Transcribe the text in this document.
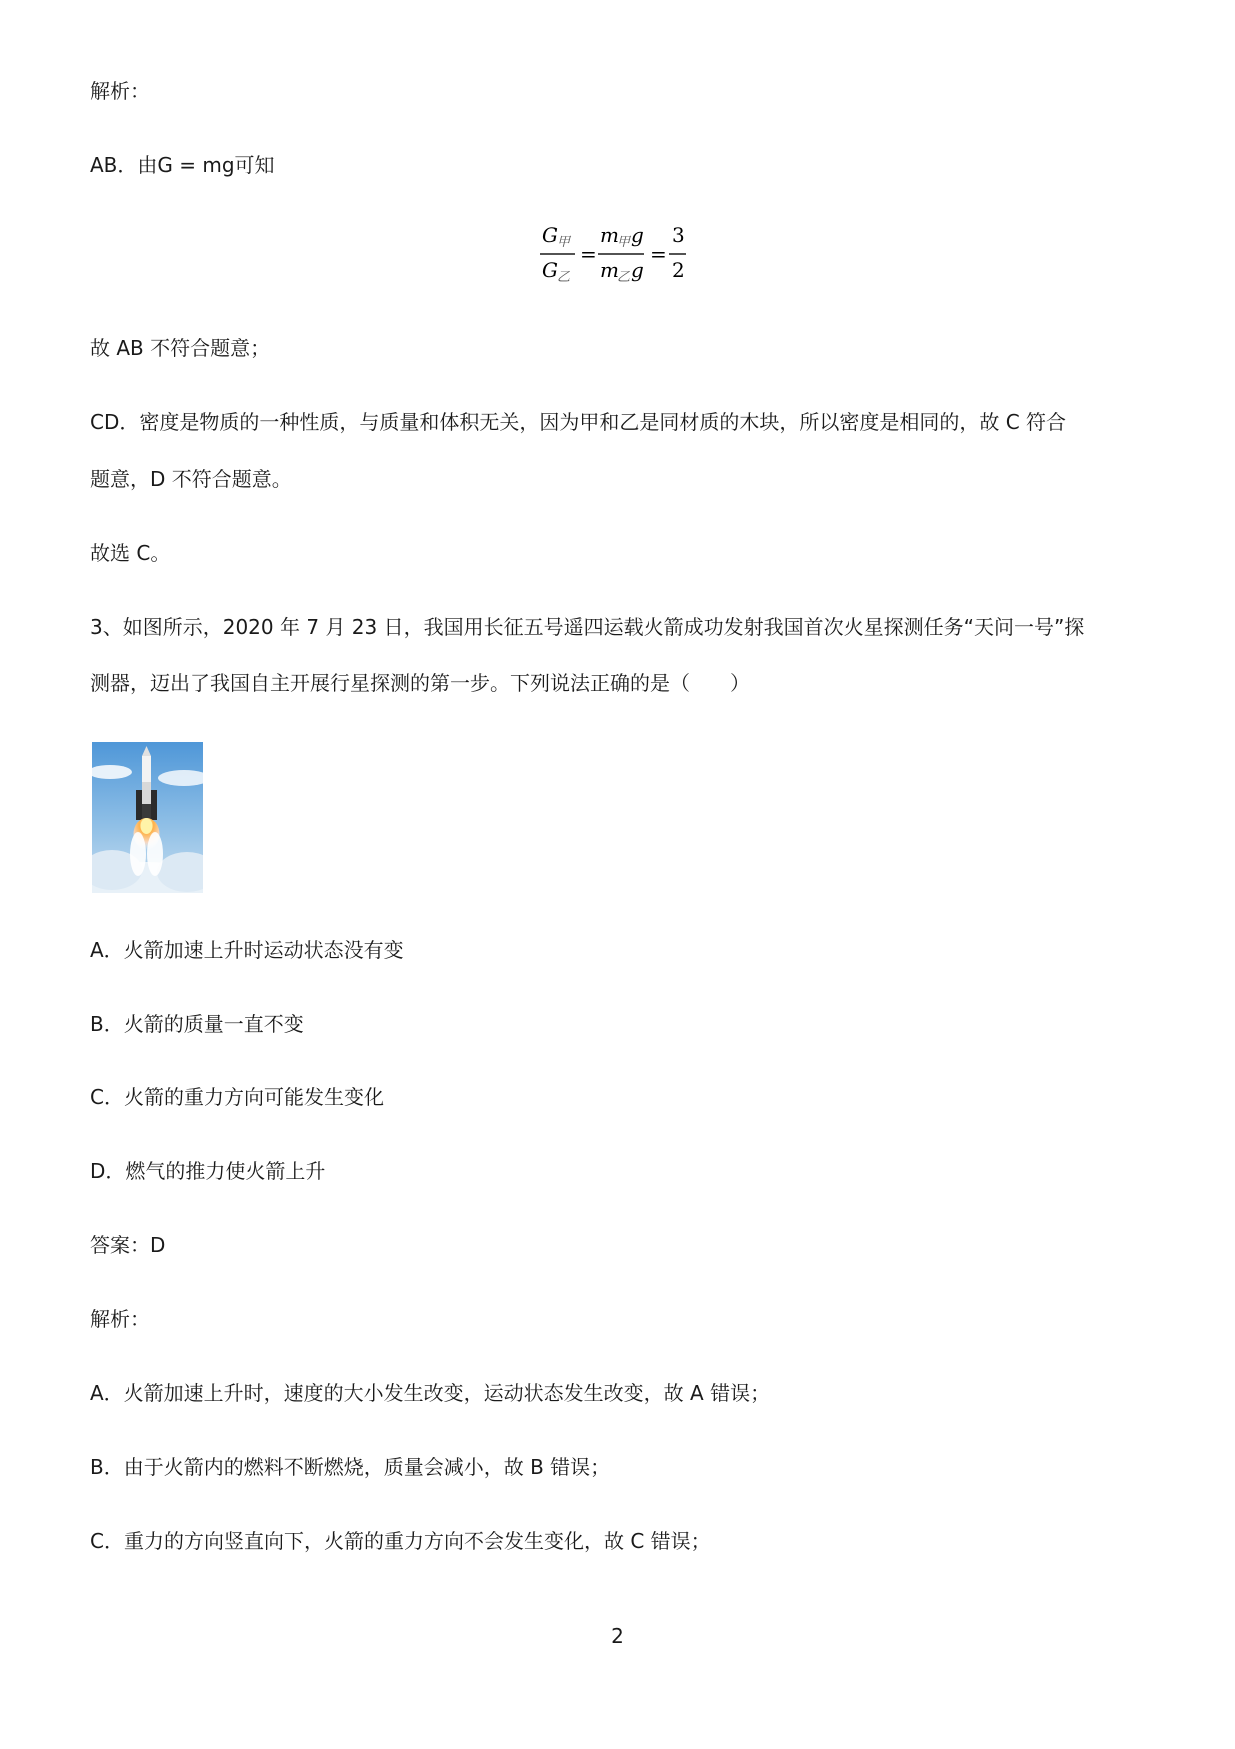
解析：
AB．由G = mg可知
G 甲
G 乙
=
m
甲 g
m
乙 g
=
3
2
故 AB 不符合题意；
CD．密度是物质的一种性质，与质量和体积无关，因为甲和乙是同材质的木块，所以密度是相同的，故 C 符合
题意，D 不符合题意。
故选 C。
3、如图所示，2020 年 7 月 23 日，我国用长征五号遥四运载火箭成功发射我国首次火星探测任务“天问一号”探
测器，迈出了我国自主开展行星探测的第一步。下列说法正确的是（　　）
A．火箭加速上升时运动状态没有变
B．火箭的质量一直不变
C．火箭的重力方向可能发生变化
D．燃气的推力使火箭上升
答案：D
解析：
A．火箭加速上升时，速度的大小发生改变，运动状态发生改变，故 A 错误；
B．由于火箭内的燃料不断燃烧，质量会减小，故 B 错误；
C．重力的方向竖直向下，火箭的重力方向不会发生变化，故 C 错误；
2
